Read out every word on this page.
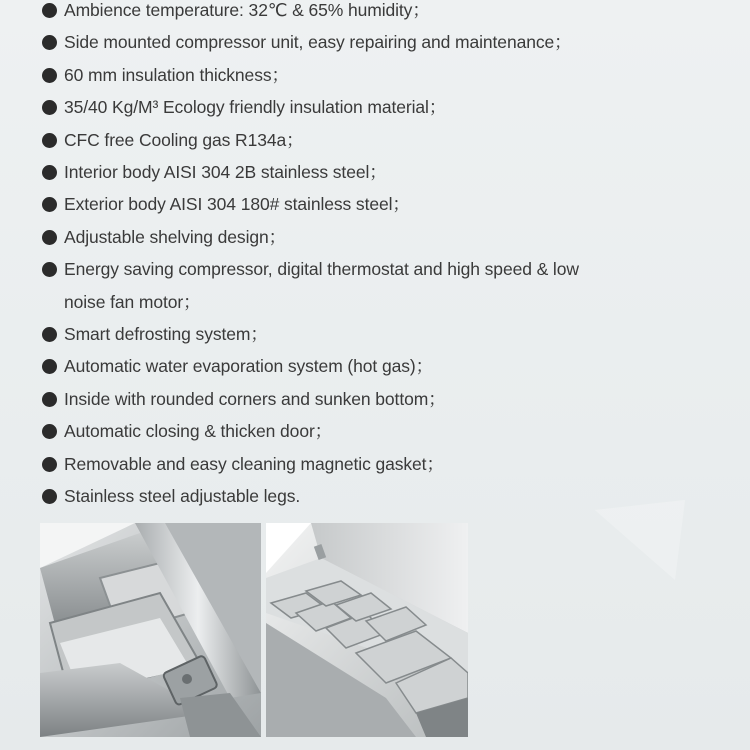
Ambience temperature: 32℃ & 65% humidity；
Side mounted compressor unit, easy repairing and maintenance；
60 mm insulation thickness；
35/40 Kg/M³ Ecology friendly insulation material；
CFC free Cooling gas R134a；
Interior body AISI 304 2B stainless steel；
Exterior body AISI 304 180# stainless steel；
Adjustable shelving design；
Energy saving compressor, digital thermostat and high speed & low
noise fan motor；
Smart defrosting system；
Automatic water evaporation system (hot gas)；
Inside with rounded corners and sunken bottom；
Automatic closing & thicken door；
Removable and easy cleaning magnetic gasket；
Stainless steel adjustable legs.
